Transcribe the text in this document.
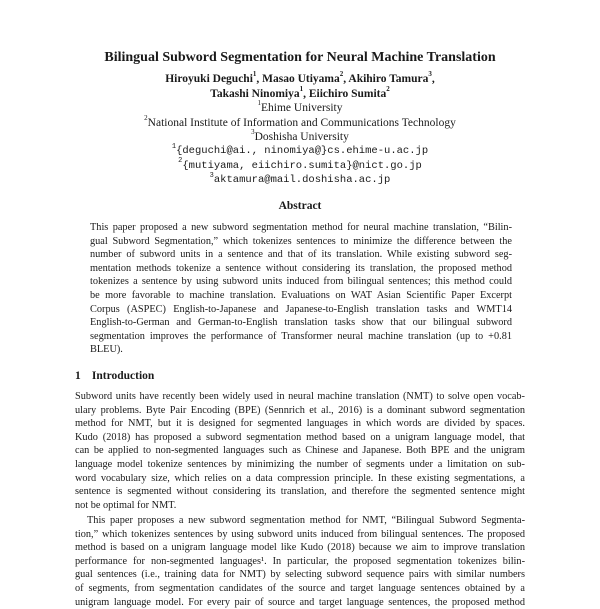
Bilingual Subword Segmentation for Neural Machine Translation
Hiroyuki Deguchi$^1$, Masao Utiyama$^2$, Akihiro Tamura$^3$,
Takashi Ninomiya$^1$, Eiichiro Sumita$^2$
$^1$Ehime University
$^2$National Institute of Information and Communications Technology
$^3$Doshisha University
$^1${deguchi@ai., ninomiya@}cs.ehime-u.ac.jp
$^2${mutiyama, eiichiro.sumita}@nict.go.jp
$^3$aktamura@mail.doshisha.ac.jp
Abstract
This paper proposed a new subword segmentation method for neural machine translation, “Bilin-
gual Subword Segmentation,” which tokenizes sentences to minimize the difference between the
number of subword units in a sentence and that of its translation. While existing subword seg-
mentation methods tokenize a sentence without considering its translation, the proposed method
tokenizes a sentence by using subword units induced from bilingual sentences; this method could
be more favorable to machine translation. Evaluations on WAT Asian Scientific Paper Excerpt
Corpus (ASPEC) English-to-Japanese and Japanese-to-English translation tasks and WMT14
English-to-German and German-to-English translation tasks show that our bilingual subword
segmentation improves the performance of Transformer neural machine translation (up to +0.81
BLEU).
1 Introduction
Subword units have recently been widely used in neural machine translation (NMT) to solve open vocab-
ulary problems. Byte Pair Encoding (BPE) (Sennrich et al., 2016) is a dominant subword segmentation
method for NMT, but it is designed for segmented languages in which words are divided by spaces.
Kudo (2018) has proposed a subword segmentation method based on a unigram language model, that
can be applied to non-segmented languages such as Chinese and Japanese. Both BPE and the unigram
language model tokenize sentences by minimizing the number of segments under a limitation on sub-
word vocabulary size, which relies on a data compression principle. In these existing segmentations, a
sentence is segmented without considering its translation, and therefore the segmented sentence might
not be optimal for NMT.
This paper proposes a new subword segmentation method for NMT, “Bilingual Subword Segmenta-
tion,” which tokenizes sentences by using subword units induced from bilingual sentences. The proposed
method is based on a unigram language model like Kudo (2018) because we aim to improve translation
performance for non-segmented languages¹. In particular, the proposed segmentation tokenizes bilin-
gual sentences (i.e., training data for NMT) by selecting subword sequence pairs with similar numbers
of segments, from segmentation candidates of the source and target language sentences obtained by a
unigram language model. For every pair of source and target language sentences, the proposed method
